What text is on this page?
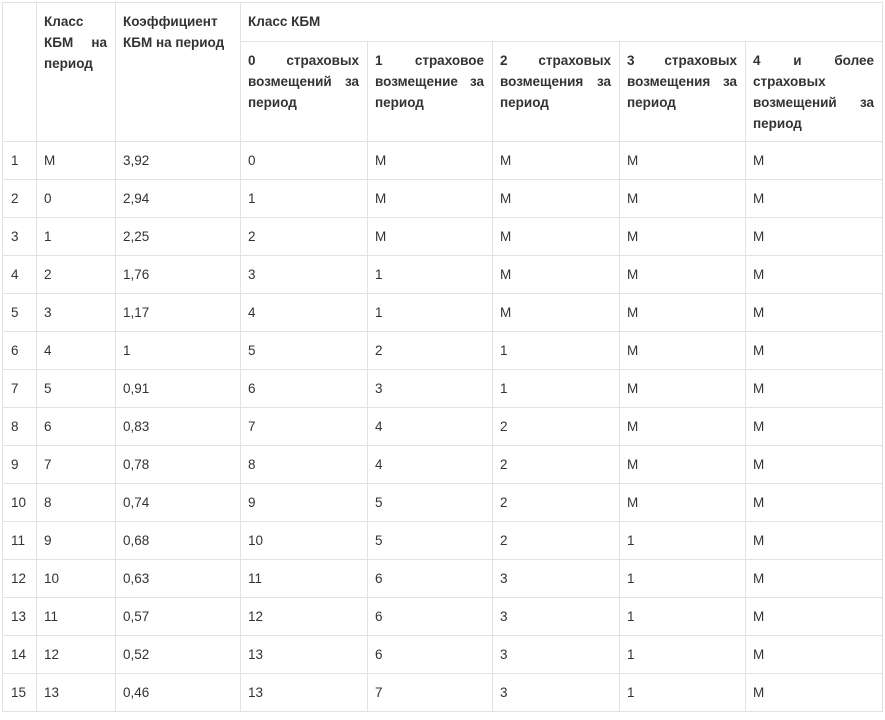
	Класс КБМ на период	Коэффициент КБМ на период	Класс КБМ				
			0 страховых возмещений за период	1 страховое возмещение за период	2 страховых возмещения за период	3 страховых возмещения за период	4 и более страховых возмещений за период
1	М	3,92	0	М	М	М	М
2	0	2,94	1	М	М	М	М
3	1	2,25	2	М	М	М	М
4	2	1,76	3	1	М	М	М
5	3	1,17	4	1	М	М	М
6	4	1	5	2	1	М	М
7	5	0,91	6	3	1	М	М
8	6	0,83	7	4	2	М	М
9	7	0,78	8	4	2	М	М
10	8	0,74	9	5	2	М	М
11	9	0,68	10	5	2	1	М
12	10	0,63	11	6	3	1	М
13	11	0,57	12	6	3	1	М
14	12	0,52	13	6	3	1	М
15	13	0,46	13	7	3	1	М
